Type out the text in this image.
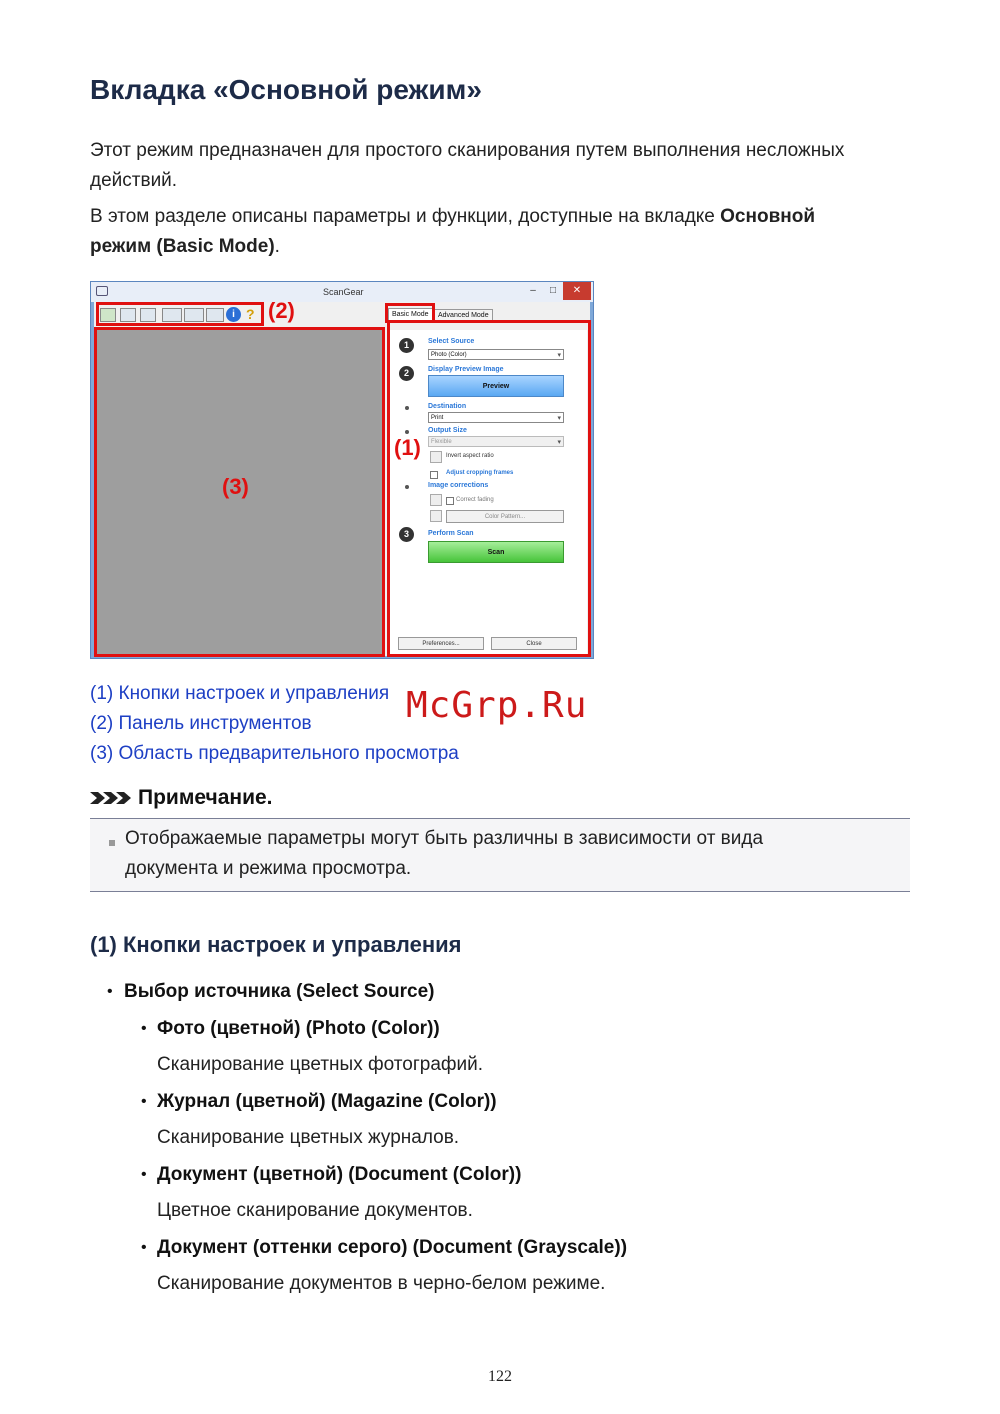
Вкладка «Основной режим»
Этот режим предназначен для простого сканирования путем выполнения несложных
действий.
В этом разделе описаны параметры и функции, доступные на вкладке Основной
режим (Basic Mode).
ScanGear	–	□	✕
i ? (2)
(3)
Basic Mode	Advanced Mode
1	Select Source
Photo (Color) ▾
2	Display Preview Image
Preview
Destination
Print ▾
Output Size
Flexible ▾
Invert aspect ratio
Adjust cropping frames
Image corrections
Correct fading
Color Pattern...
3	Perform Scan
Scan
Preferences...	Close
(1)
(1) Кнопки настроек и управления
(2) Панель инструментов
(3) Область предварительного просмотра
McGrp.Ru
Примечание.
Отображаемые параметры могут быть различны в зависимости от вида документа и режима просмотра.
(1) Кнопки настроек и управления
• Выбор источника (Select Source)
• Фото (цветной) (Photo (Color))
Сканирование цветных фотографий.
• Журнал (цветной) (Magazine (Color))
Сканирование цветных журналов.
• Документ (цветной) (Document (Color))
Цветное сканирование документов.
• Документ (оттенки серого) (Document (Grayscale))
Сканирование документов в черно-белом режиме.
122
